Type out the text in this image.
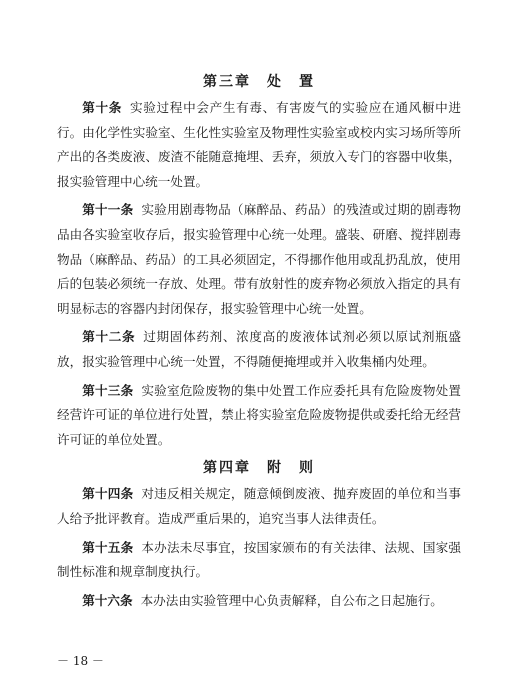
第三章　处　置

第十条 实验过程中会产生有毒、有害废气的实验应在通风橱中进行。由化学性实验室、生化性实验室及物理性实验室或校内实习场所等所产出的各类废液、废渣不能随意掩埋、丢弃，须放入专门的容器中收集，报实验管理中心统一处置。

第十一条 实验用剧毒物品（麻醉品、药品）的残渣或过期的剧毒物品由各实验室收存后，报实验管理中心统一处理。盛装、研磨、搅拌剧毒物品（麻醉品、药品）的工具必须固定，不得挪作他用或乱扔乱放，使用后的包装必须统一存放、处理。带有放射性的废弃物必须放入指定的具有明显标志的容器内封闭保存，报实验管理中心统一处置。

第十二条 过期固体药剂、浓度高的废液体试剂必须以原试剂瓶盛放，报实验管理中心统一处置，不得随便掩埋或并入收集桶内处理。

第十三条 实验室危险废物的集中处置工作应委托具有危险废物处置经营许可证的单位进行处置，禁止将实验室危险废物提供或委托给无经营许可证的单位处置。

第四章　附　则

第十四条 对违反相关规定，随意倾倒废液、抛弃废固的单位和当事人给予批评教育。造成严重后果的，追究当事人法律责任。

第十五条 本办法未尽事宜，按国家颁布的有关法律、法规、国家强制性标准和规章制度执行。

第十六条 本办法由实验管理中心负责解释，自公布之日起施行。

－ 18 －
